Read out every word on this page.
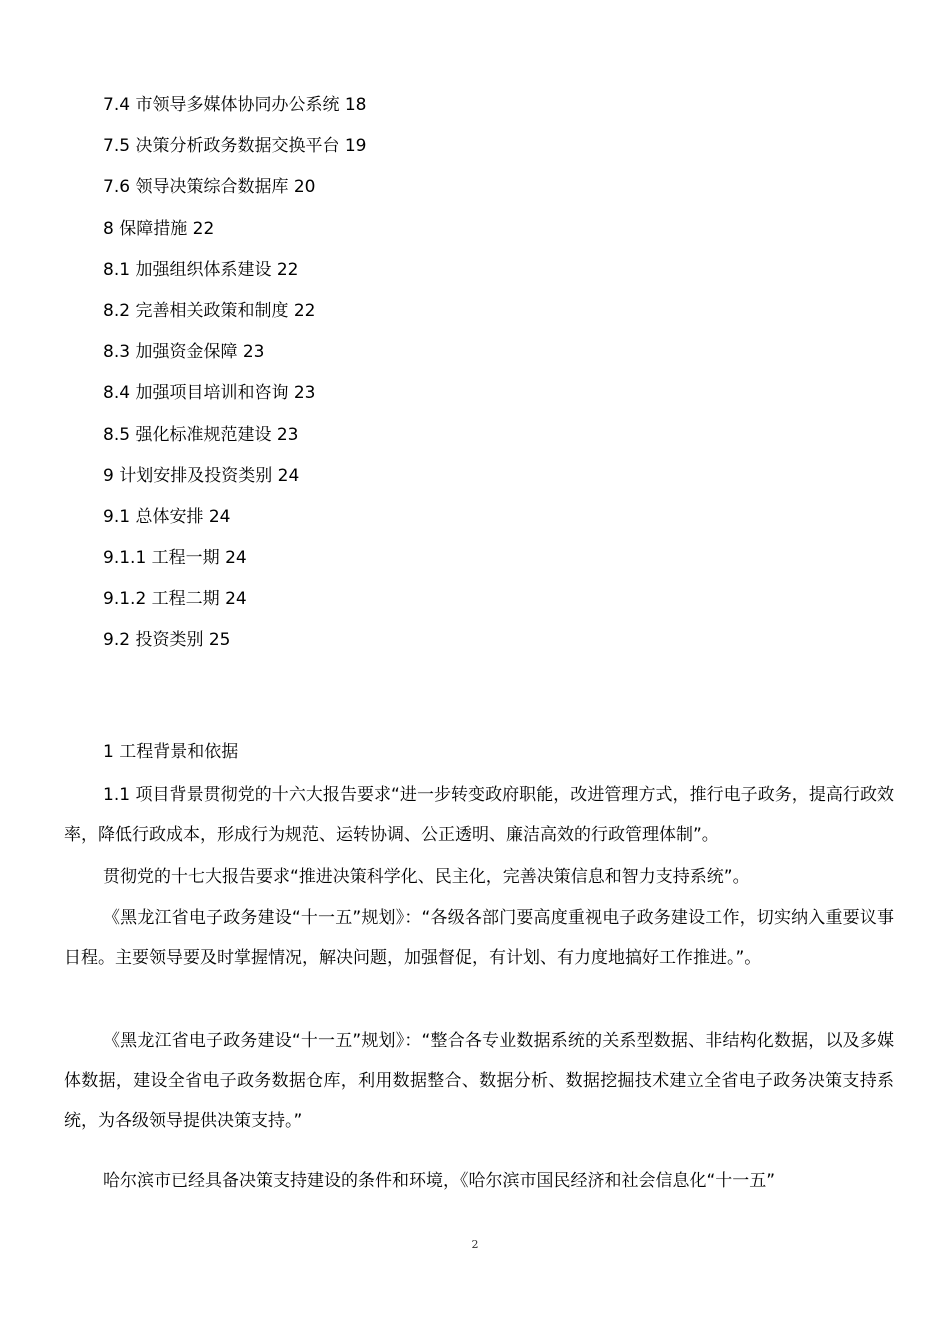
7.4 市领导多媒体协同办公系统 18
7.5 决策分析政务数据交换平台 19
7.6 领导决策综合数据库 20
8 保障措施 22
8.1 加强组织体系建设 22
8.2 完善相关政策和制度 22
8.3 加强资金保障 23
8.4 加强项目培训和咨询 23
8.5 强化标准规范建设 23
9 计划安排及投资类别 24
9.1 总体安排 24
9.1.1 工程一期 24
9.1.2 工程二期 24
9.2 投资类别 25
1 工程背景和依据

1.1 项目背景贯彻党的十六大报告要求“进一步转变政府职能，改进管理方式，推行电子政务，提高行政效率，降低行政成本，形成行为规范、运转协调、公正透明、廉洁高效的行政管理体制”。

贯彻党的十七大报告要求“推进决策科学化、民主化，完善决策信息和智力支持系统”。

《黑龙江省电子政务建设“十一五”规划》：“各级各部门要高度重视电子政务建设工作，切实纳入重要议事日程。主要领导要及时掌握情况，解决问题，加强督促，有计划、有力度地搞好工作推进。”。

《黑龙江省电子政务建设“十一五”规划》：“整合各专业数据系统的关系型数据、非结构化数据，以及多媒体数据，建设全省电子政务数据仓库，利用数据整合、数据分析、数据挖掘技术建立全省电子政务决策支持系统，为各级领导提供决策支持。”

哈尔滨市已经具备决策支持建设的条件和环境，《哈尔滨市国民经济和社会信息化“十一五”

2
